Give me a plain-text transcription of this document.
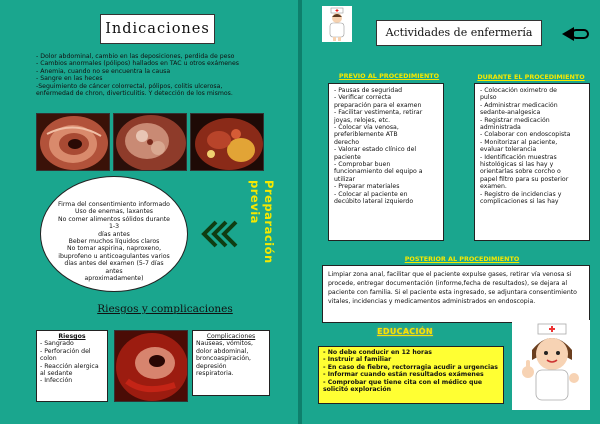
Indicaciones
- Dolor abdominal, cambio en las deposiciones, perdida de peso
- Cambios anormales (pólipos) hallados en TAC u otros exámenes
- Anemia, cuando no se encuentra la causa
- Sangre en las heces
-Seguimiento de cáncer colorrectal, pólipos, colitis ulcerosa,
enfermedad de chron, diverticulitis. Y detección de los mismos.
Firma del consentimiento informado
Uso de enemas, laxantes
No comer alimentos sólidos durante 1-3
días antes
Beber muchos líquidos claros
No tomar aspirina, naproxeno,
ibuprofeno u anticoagulantes varios
días antes del examen (5-7 días antes
aproximadamente)
Preparación previa
Riesgos y complicaciones
Riesgos
- Sangrado
- Perforación del
colon
- Reacción alergica
al sedante
- Infección
Complicaciones
Nauseas, vómitos,
dolor abdominal,
broncoaspiración,
depresión
respiratoria.
Actividades de enfermería
PREVIO AL PROCEDIMIENTO
- Pausas de seguridad
- Verificar correcta
preparación para el examen
- Facilitar vestimenta, retirar
joyas, relojes, etc.
- Colocar vía venosa,
preferiblemente ATB
derecho
- Valorar estado clínico del
paciente
- Comprobar buen
funcionamiento del equipo a
utilizar
- Preparar materiales
- Colocar al paciente en
decúbito lateral izquierdo
DURANTE EL PROCEDIMIENTO
- Colocación oximetro de
pulso
- Administrar medicación
sedante-analgesica
- Registrar medicación
administrada
- Colaborar con endoscopista
- Monitorizar al paciente,
evaluar tolerancia
- Identificación muestras
histológicas si las hay y
orientarlas sobre corcho o
papel filtro para su posterior
examen.
- Registro de incidencias y
complicaciones si las hay
POSTERIOR AL PROCEDIMIENTO
Limpiar zona anal, facilitar que el paciente expulse gases, retirar vía venosa si procede, entregar documentación (informe,fecha de resultados), se dejara al paciente con familia. Si el paciente esta ingresado, se adjuntara consentimiento vitales, incidencias y medicamentos administrados en endoscopia.
EDUCACIÓN
- No debe conducir en 12 horas
- Instruir al familiar
- En caso de fiebre, rectorragia acudir a urgencias
- Informar cuando están resultados exámenes
- Comprobar que tiene cita con el médico que
solicitó exploración
